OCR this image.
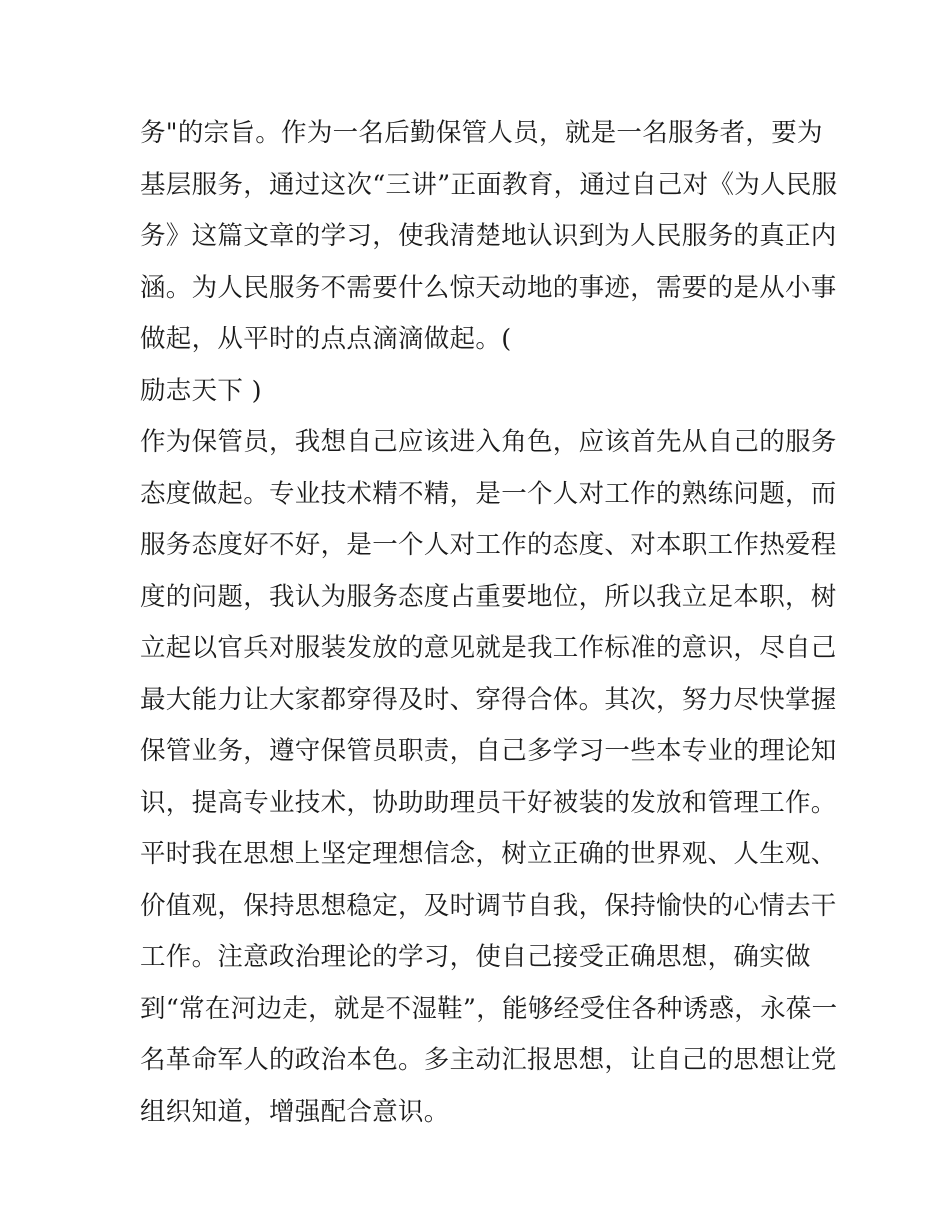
务"的宗旨。作为一名后勤保管人员，就是一名服务者，要为
基层服务，通过这次“三讲”正面教育，通过自己对《为人民服
务》这篇文章的学习，使我清楚地认识到为人民服务的真正内
涵。为人民服务不需要什么惊天动地的事迹，需要的是从小事
做起，从平时的点点滴滴做起。(
励志天下 )
作为保管员，我想自己应该进入角色，应该首先从自己的服务
态度做起。专业技术精不精，是一个人对工作的熟练问题，而
服务态度好不好，是一个人对工作的态度、对本职工作热爱程
度的问题，我认为服务态度占重要地位，所以我立足本职，树
立起以官兵对服装发放的意见就是我工作标准的意识，尽自己
最大能力让大家都穿得及时、穿得合体。其次，努力尽快掌握
保管业务，遵守保管员职责，自己多学习一些本专业的理论知
识，提高专业技术，协助助理员干好被装的发放和管理工作。
平时我在思想上坚定理想信念，树立正确的世界观、人生观、
价值观，保持思想稳定，及时调节自我，保持愉快的心情去干
工作。注意政治理论的学习，使自己接受正确思想，确实做
到“常在河边走，就是不湿鞋”，能够经受住各种诱惑，永葆一
名革命军人的政治本色。多主动汇报思想，让自己的思想让党
组织知道，增强配合意识。
